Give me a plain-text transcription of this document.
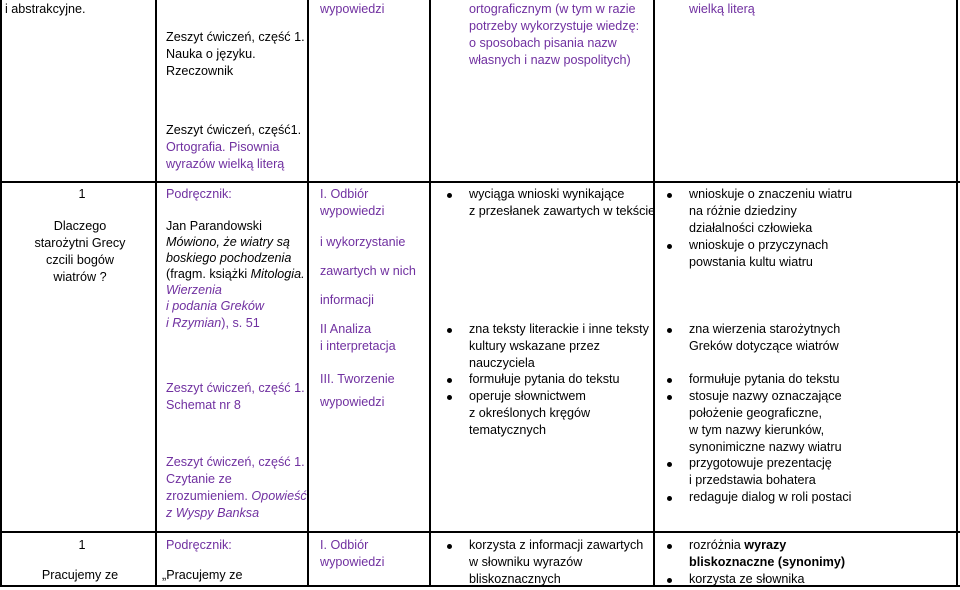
i abstrakcyjne.
Zeszyt ćwiczeń, część 1.
Nauka o języku.
Rzeczownik
Zeszyt ćwiczeń, część1.
Ortografia. Pisownia
wyrazów wielką literą
wypowiedzi	ortograficznym (w tym w razie
potrzeby wykorzystuje wiedzę:
o sposobach pisania nazw
własnych i nazw pospolitych)
wielką literą
1
Dlaczego
starożytni Grecy
czcili bogów
wiatrów ?
Podręcznik:
Jan Parandowski
Mówiono, że wiatry są
boskiego pochodzenia
(fragm. książki Mitologia.
Wierzenia
i podania Greków
i Rzymian), s. 51
Zeszyt ćwiczeń, część 1.
Schemat nr 8
Zeszyt ćwiczeń, część 1.
Czytanie ze
zrozumieniem. Opowieść
z Wyspy Banksa
I. Odbiór
wypowiedzi
i wykorzystanie
zawartych w nich
informacji
II Analiza
i interpretacja
III. Tworzenie
wypowiedzi
wyciąga wnioski wynikające
z przesłanek zawartych w tekście
zna teksty literackie i inne teksty
kultury wskazane przez
nauczyciela
formułuje pytania do tekstu
operuje słownictwem
z określonych kręgów
tematycznych
wnioskuje o znaczeniu wiatru
na różnie dziedziny
działalności człowieka
wnioskuje o przyczynach
powstania kultu wiatru
zna wierzenia starożytnych
Greków dotyczące wiatrów
formułuje pytania do tekstu
stosuje nazwy oznaczające
położenie geograficzne,
w tym nazwy kierunków,
synonimiczne nazwy wiatru
przygotowuje prezentację
i przedstawia bohatera
redaguje dialog w roli postaci
1
Pracujemy ze
Podręcznik:
„Pracujemy ze
I. Odbiór
wypowiedzi
korzysta z informacji zawartych
w słowniku wyrazów
bliskoznacznych
rozróżnia wyrazy
bliskoznaczne (synonimy)
korzysta ze słownika
